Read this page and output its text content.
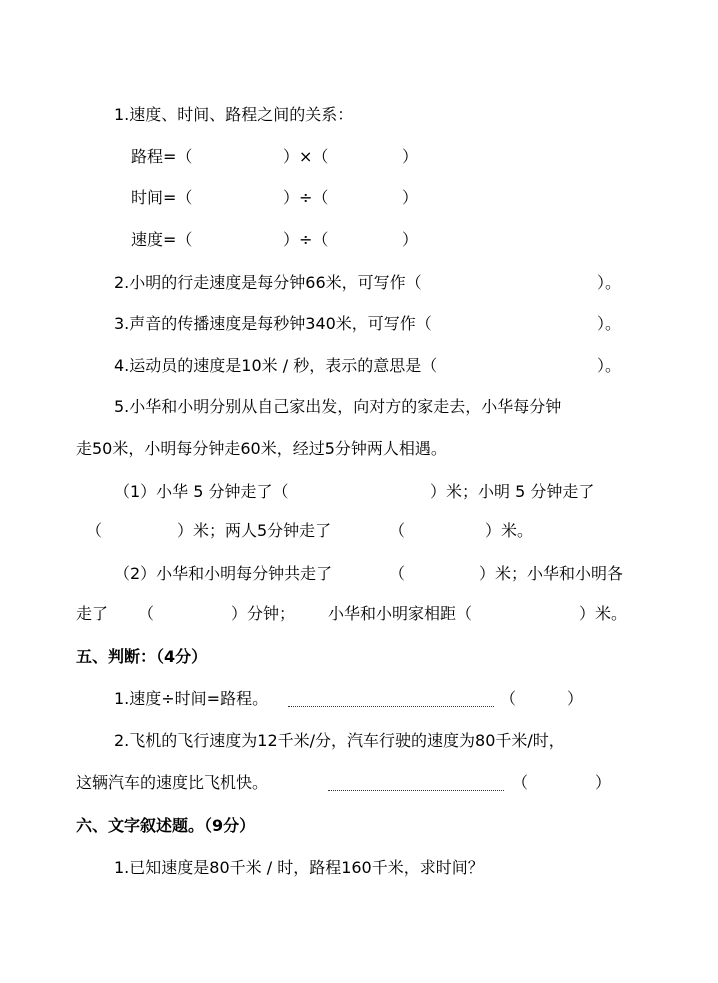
1.速度、时间、路程之间的关系：
路程=（	）×（	）
时间=（	）÷（	）
速度=（	）÷（	）
2.小明的行走速度是每分钟66米，可写作（	）。
3.声音的传播速度是每秒钟340米，可写作（	）。
4.运动员的速度是10米 / 秒，表示的意思是（	）。
5.小华和小明分别从自己家出发，向对方的家走去，小华每分钟
走50米，小明每分钟走60米，经过5分钟两人相遇。
（1）小华 5 分钟走了（	）米；小明 5 分钟走了
（	）米；两人5分钟走了	（	）米。
（2）小华和小明每分钟共走了	（	）米；小华和小明各
走了 （	）分钟； 小华和小明家相距（	）米。
五、判断：（4分）
1.速度÷时间=路程。	（	）
2.飞机的飞行速度为12千米/分，汽车行驶的速度为80千米/时，
这辆汽车的速度比飞机快。	（	）
六、文字叙述题。（9分）
1.已知速度是80千米 / 时，路程160千米，求时间？
